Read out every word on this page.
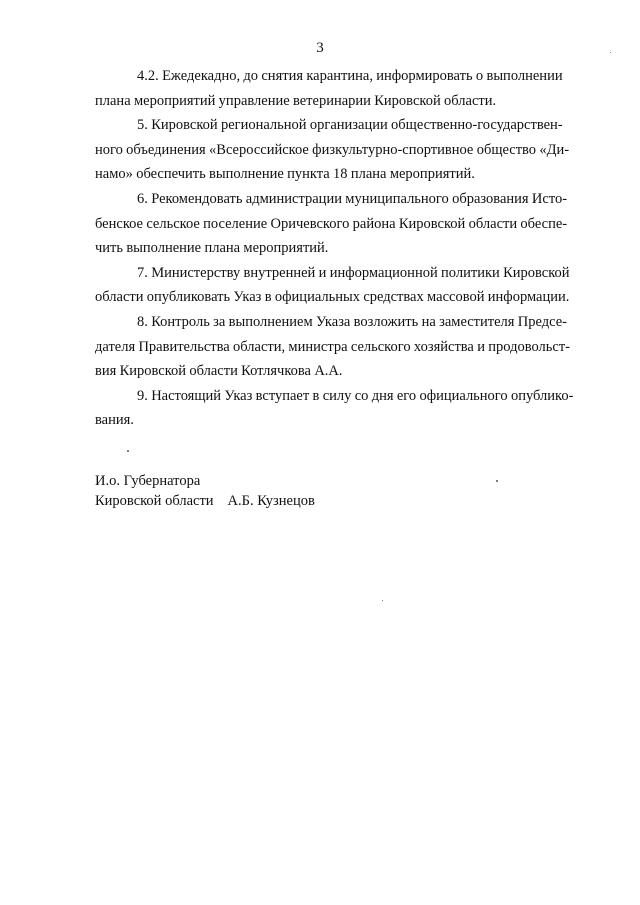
3
4.2. Ежедекадно, до снятия карантина, информировать о выполнении
плана мероприятий управление ветеринарии Кировской области.
5. Кировской региональной организации общественно-государствен-
ного объединения «Всероссийское физкультурно-спортивное общество «Ди-
намо» обеспечить выполнение пункта 18 плана мероприятий.
6. Рекомендовать администрации муниципального образования Исто-
бенское сельское поселение Оричевского района Кировской области обеспе-
чить выполнение плана мероприятий.
7. Министерству внутренней и информационной политики Кировской
области опубликовать Указ в официальных средствах массовой информации.
8. Контроль за выполнением Указа возложить на заместителя Предсе-
дателя Правительства области, министра сельского хозяйства и продовольст-
вия Кировской области Котлячкова А.А.
9. Настоящий Указ вступает в силу со дня его официального опублико-
вания.
И.о. Губернатора
Кировской области А.Б. Кузнецов
